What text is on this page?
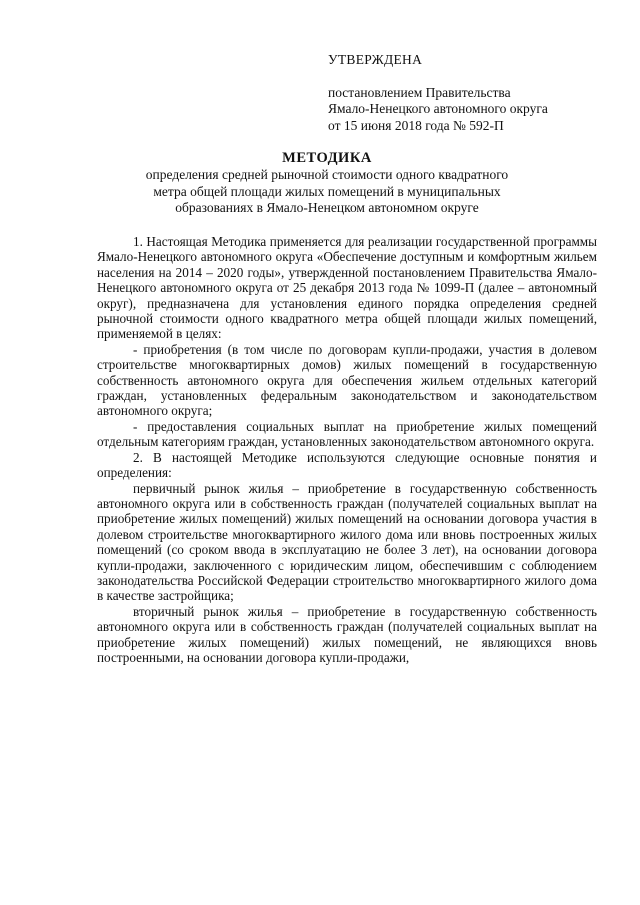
УТВЕРЖДЕНА
постановлением Правительства
Ямало-Ненецкого автономного округа
от 15 июня 2018 года № 592-П
МЕТОДИКА
определения средней рыночной стоимости одного квадратного метра общей площади жилых помещений в муниципальных образованиях в Ямало-Ненецком автономном округе

1. Настоящая Методика применяется для реализации государственной программы Ямало-Ненецкого автономного округа «Обеспечение доступным и комфортным жильем населения на 2014 – 2020 годы», утвержденной постановлением Правительства Ямало-Ненецкого автономного округа от 25 декабря 2013 года № 1099-П (далее – автономный округ), предназначена для установления единого порядка определения средней рыночной стоимости одного квадратного метра общей площади жилых помещений, применяемой в целях:

- приобретения (в том числе по договорам купли-продажи, участия в долевом строительстве многоквартирных домов) жилых помещений в государственную собственность автономного округа для обеспечения жильем отдельных категорий граждан, установленных федеральным законодательством и законодательством автономного округа;

- предоставления социальных выплат на приобретение жилых помещений отдельным категориям граждан, установленных законодательством автономного округа.

2. В настоящей Методике используются следующие основные понятия и определения:

первичный рынок жилья – приобретение в государственную собственность автономного округа или в собственность граждан (получателей социальных выплат на приобретение жилых помещений) жилых помещений на основании договора участия в долевом строительстве многоквартирного жилого дома или вновь построенных жилых помещений (со сроком ввода в эксплуатацию не более 3 лет), на основании договора купли-продажи, заключенного с юридическим лицом, обеспечившим с соблюдением законодательства Российской Федерации строительство многоквартирного жилого дома в качестве застройщика;

вторичный рынок жилья – приобретение в государственную собственность автономного округа или в собственность граждан (получателей социальных выплат на приобретение жилых помещений) жилых помещений, не являющихся вновь построенными, на основании договора купли-продажи,
